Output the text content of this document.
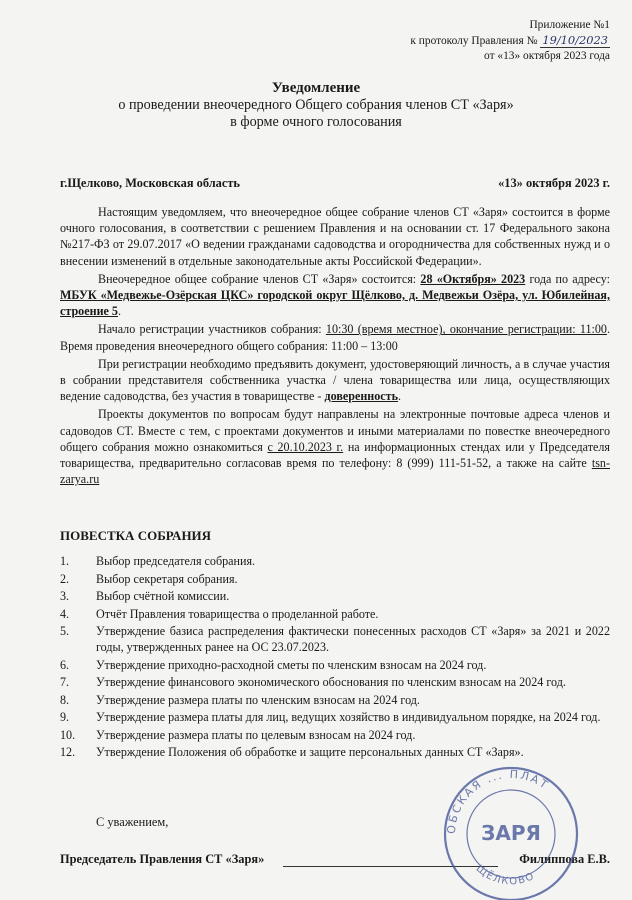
Приложение №1
к протоколу Правления № 19/10/2023
от «13» октября 2023 года
Уведомление
о проведении внеочередного Общего собрания членов СТ «Заря»
в форме очного голосования
г.Щелково, Московская область	«13» октября 2023 г.

Настоящим уведомляем, что внеочередное общее собрание членов СТ «Заря» состоится в форме очного голосования, в соответствии с решением Правления и на основании ст. 17 Федерального закона №217-ФЗ от 29.07.2017 «О ведении гражданами садоводства и огородничества для собственных нужд и о внесении изменений в отдельные законодательные акты Российской Федерации».

Внеочередное общее собрание членов СТ «Заря» состоится: 28 «Октября» 2023 года по адресу: МБУК «Медвежье-Озёрская ЦКС» городской округ Щёлково, д. Медвежьи Озёра, ул. Юбилейная, строение 5.

Начало регистрации участников собрания: 10:30 (время местное), окончание регистрации: 11:00. Время проведения внеочередного общего собрания: 11:00 – 13:00

При регистрации необходимо предъявить документ, удостоверяющий личность, а в случае участия в собрании представителя собственника участка / члена товарищества или лица, осуществляющих ведение садоводства, без участия в товариществе - доверенность.

Проекты документов по вопросам будут направлены на электронные почтовые адреса членов и садоводов СТ. Вместе с тем, с проектами документов и иными материалами по повестке внеочередного общего собрания можно ознакомиться с 20.10.2023 г. на информационных стендах или у Председателя товарищества, предварительно согласовав время по телефону: 8 (999) 111-51-52, а также на сайте tsn-zarya.ru

ПОВЕСТКА СОБРАНИЯ
1.	Выбор председателя собрания.
2.	Выбор секретаря собрания.
3.	Выбор счётной комиссии.
4.	Отчёт Правления товарищества о проделанной работе.
5.	Утверждение базиса распределения фактически понесенных расходов СТ «Заря» за 2021 и 2022 годы, утвержденных ранее на ОС 23.07.2023.
6.	Утверждение приходно-расходной сметы по членским взносам на 2024 год.
7.	Утверждение финансового экономического обоснования по членским взносам на 2024 год.
8.	Утверждение размера платы по членским взносам на 2024 год.
9.	Утверждение размера платы для лиц, ведущих хозяйство в индивидуальном порядке, на 2024 год.
10.	Утверждение размера платы по целевым взносам на 2024 год.
12.	Утверждение Положения об обработке и защите персональных данных СТ «Заря».
С уважением,
Председатель Правления СТ «Заря»	Филиппова Е.В.
ОБСКАЯ ... ПЛАТ
ЗАРЯ
ЩЁЛКОВО
